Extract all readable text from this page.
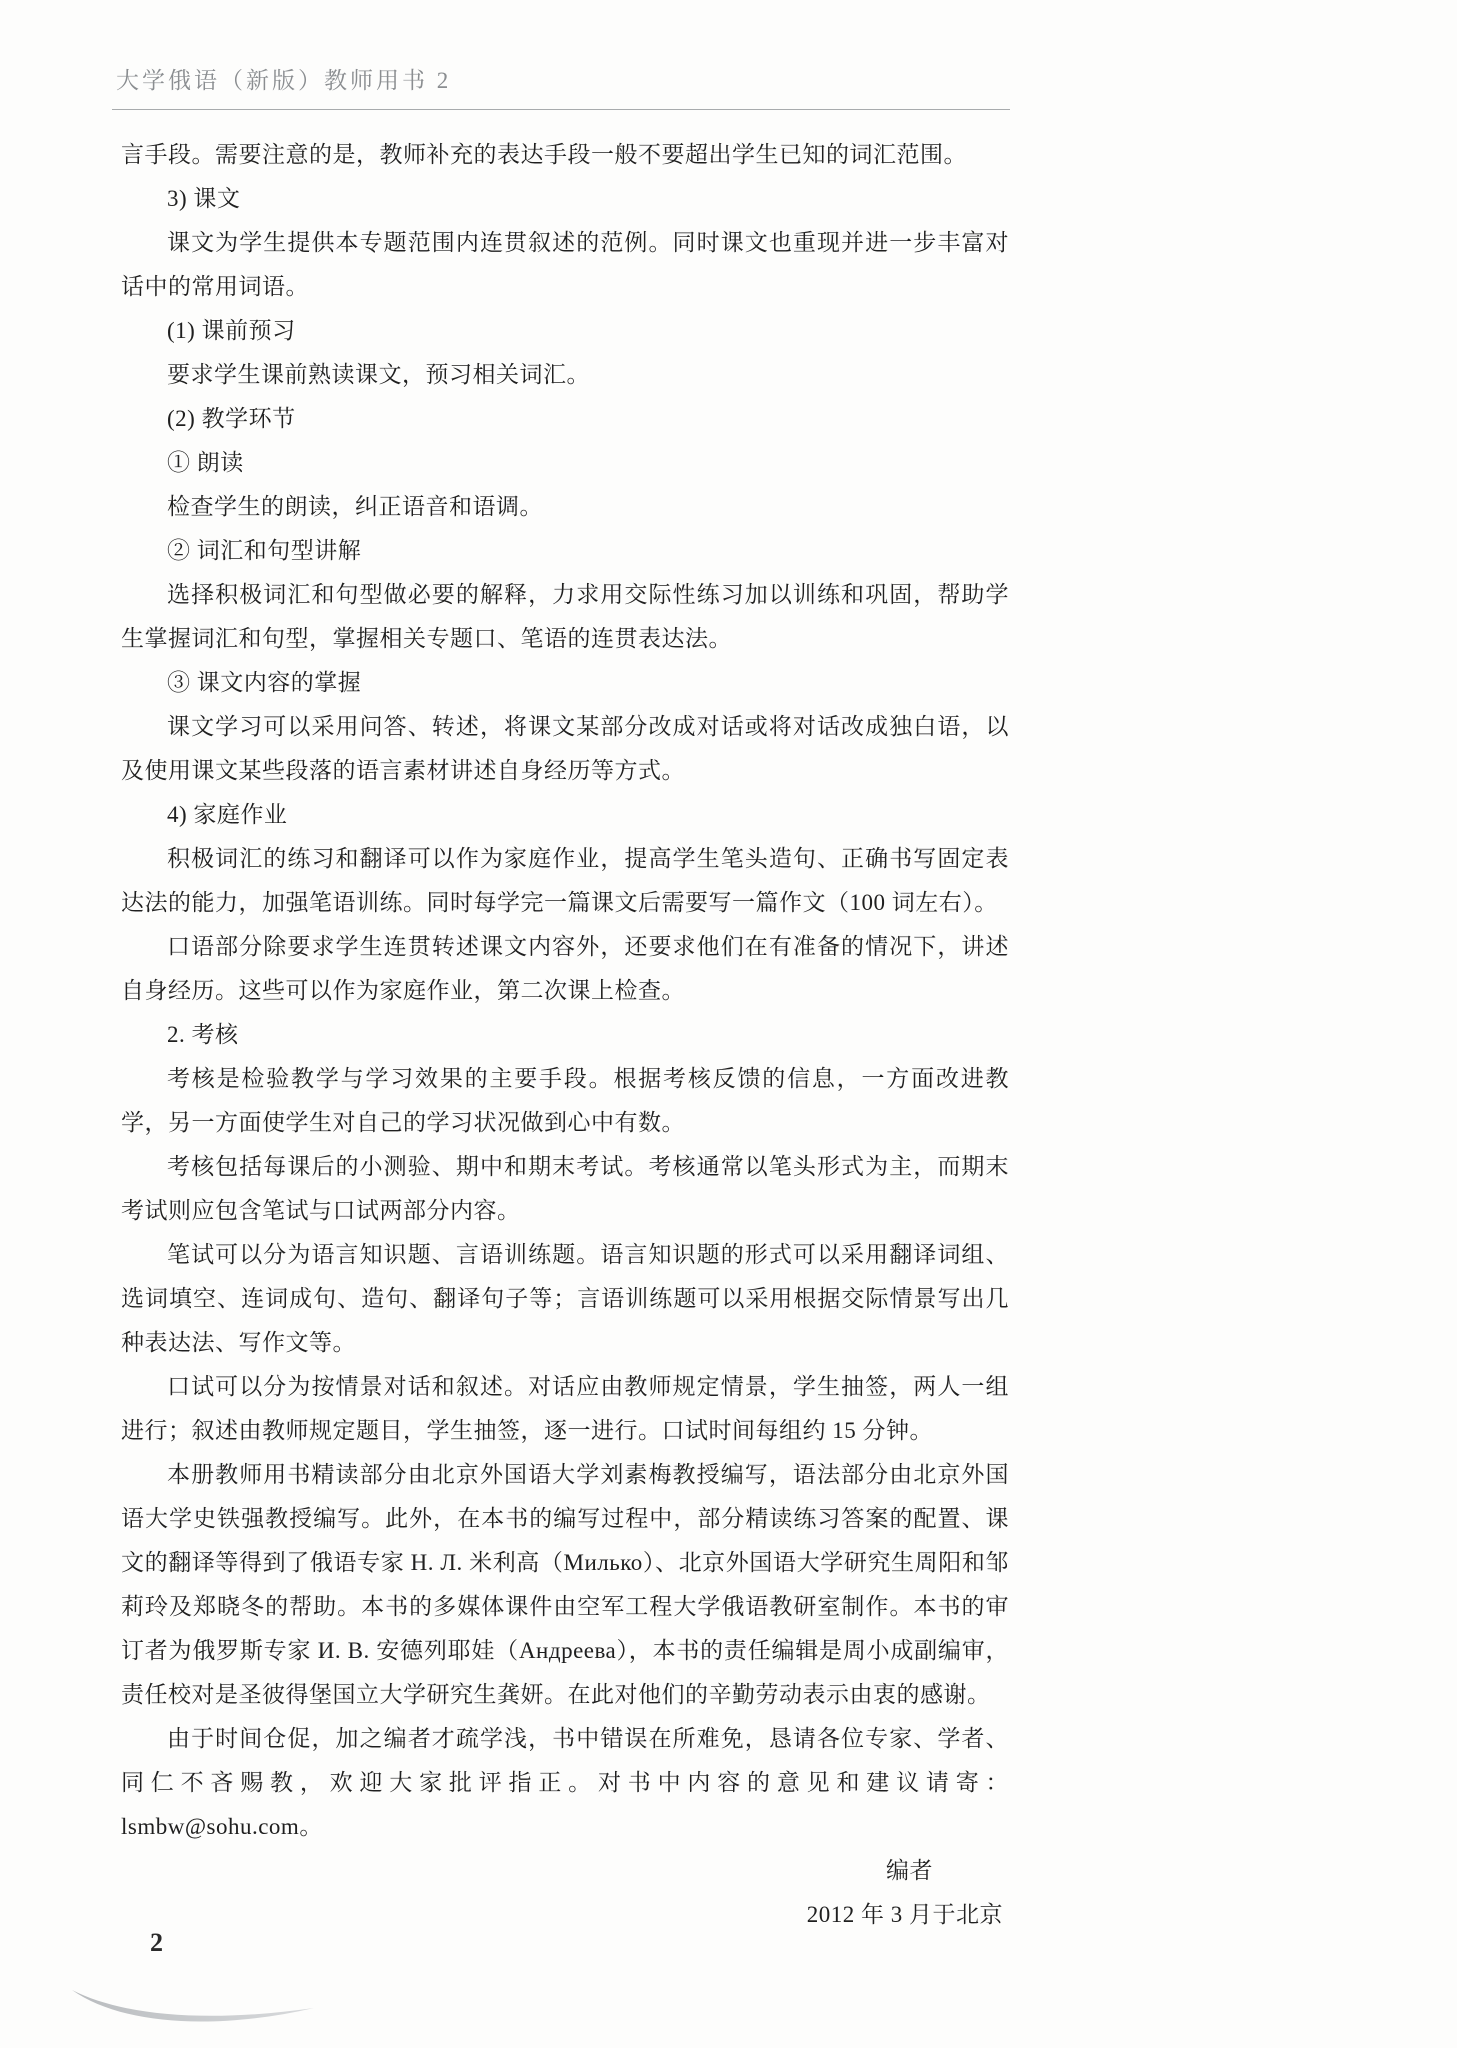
大学俄语（新版）教师用书 2

言手段。需要注意的是，教师补充的表达手段一般不要超出学生已知的词汇范围。

3) 课文

课文为学生提供本专题范围内连贯叙述的范例。同时课文也重现并进一步丰富对话中的常用词语。

(1) 课前预习

要求学生课前熟读课文，预习相关词汇。

(2) 教学环节

① 朗读

检查学生的朗读，纠正语音和语调。

② 词汇和句型讲解

选择积极词汇和句型做必要的解释，力求用交际性练习加以训练和巩固，帮助学生掌握词汇和句型，掌握相关专题口、笔语的连贯表达法。

③ 课文内容的掌握

课文学习可以采用问答、转述，将课文某部分改成对话或将对话改成独白语，以及使用课文某些段落的语言素材讲述自身经历等方式。

4) 家庭作业

积极词汇的练习和翻译可以作为家庭作业，提高学生笔头造句、正确书写固定表达法的能力，加强笔语训练。同时每学完一篇课文后需要写一篇作文（100 词左右）。

口语部分除要求学生连贯转述课文内容外，还要求他们在有准备的情况下，讲述自身经历。这些可以作为家庭作业，第二次课上检查。

2. 考核

考核是检验教学与学习效果的主要手段。根据考核反馈的信息，一方面改进教学，另一方面使学生对自己的学习状况做到心中有数。

考核包括每课后的小测验、期中和期末考试。考核通常以笔头形式为主，而期末考试则应包含笔试与口试两部分内容。

笔试可以分为语言知识题、言语训练题。语言知识题的形式可以采用翻译词组、选词填空、连词成句、造句、翻译句子等；言语训练题可以采用根据交际情景写出几种表达法、写作文等。

口试可以分为按情景对话和叙述。对话应由教师规定情景，学生抽签，两人一组进行；叙述由教师规定题目，学生抽签，逐一进行。口试时间每组约 15 分钟。

本册教师用书精读部分由北京外国语大学刘素梅教授编写，语法部分由北京外国语大学史铁强教授编写。此外，在本书的编写过程中，部分精读练习答案的配置、课文的翻译等得到了俄语专家 Н. Л. 米利高（Милько）、北京外国语大学研究生周阳和邹莉玲及郑晓冬的帮助。本书的多媒体课件由空军工程大学俄语教研室制作。本书的审订者为俄罗斯专家 И. В. 安德列耶娃（Андреева），本书的责任编辑是周小成副编审，责任校对是圣彼得堡国立大学研究生龚妍。在此对他们的辛勤劳动表示由衷的感谢。

由于时间仓促，加之编者才疏学浅，书中错误在所难免，恳请各位专家、学者、同仁不吝赐教，欢迎大家批评指正。对书中内容的意见和建议请寄：lsmbw@sohu.com。

编者

2012 年 3 月于北京

2
